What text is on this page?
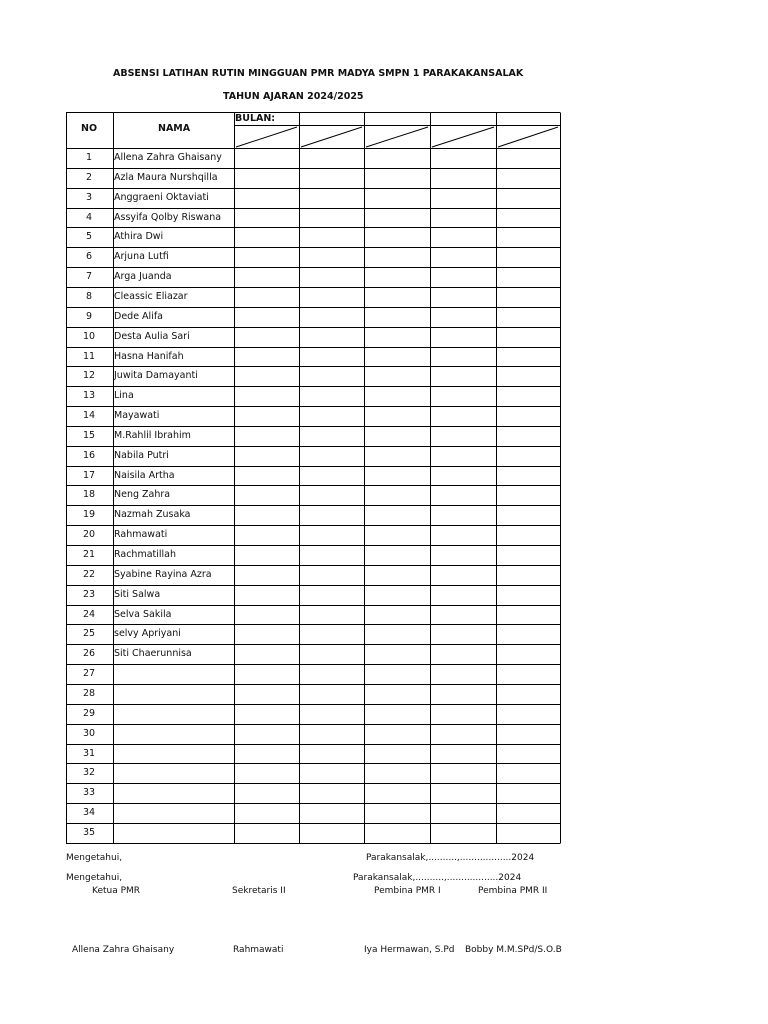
ABSENSI LATIHAN RUTIN MINGGUAN PMR MADYA SMPN 1 PARAKAKANSALAK
TAHUN AJARAN 2024/2025
NO	NAMA
BULAN:
1	Allena Zahra Ghaisany
2	Azla Maura Nurshqilla
3	Anggraeni Oktaviati
4	Assyifa Qolby Riswana
5	Athira Dwi
6	Arjuna Lutfi
7	Arga Juanda
8	Cleassic Eliazar
9	Dede Alifa
10	Desta Aulia Sari
11	Hasna Hanifah
12	Juwita Damayanti
13	Lina
14	Mayawati
15	M.Rahlil Ibrahim
16	Nabila Putri
17	Naisila Artha
18	Neng Zahra
19	Nazmah Zusaka
20	Rahmawati
21	Rachmatillah
22	Syabine Rayina Azra
23	Siti Salwa
24	Selva Sakila
25	selvy Apriyani
26	Siti Chaerunnisa
27
28
29
30
31
32
33
34
35
Mengetahui,	Parakansalak,..........,..................2024
Mengetahui,	Parakansalak,..........,..................2024
Ketua PMR	Sekretaris II	Pembina PMR I	Pembina PMR II
Allena Zahra Ghaisany	Rahmawati	Iya Hermawan, S.Pd Bobby M.M.SPd/S.O.B
